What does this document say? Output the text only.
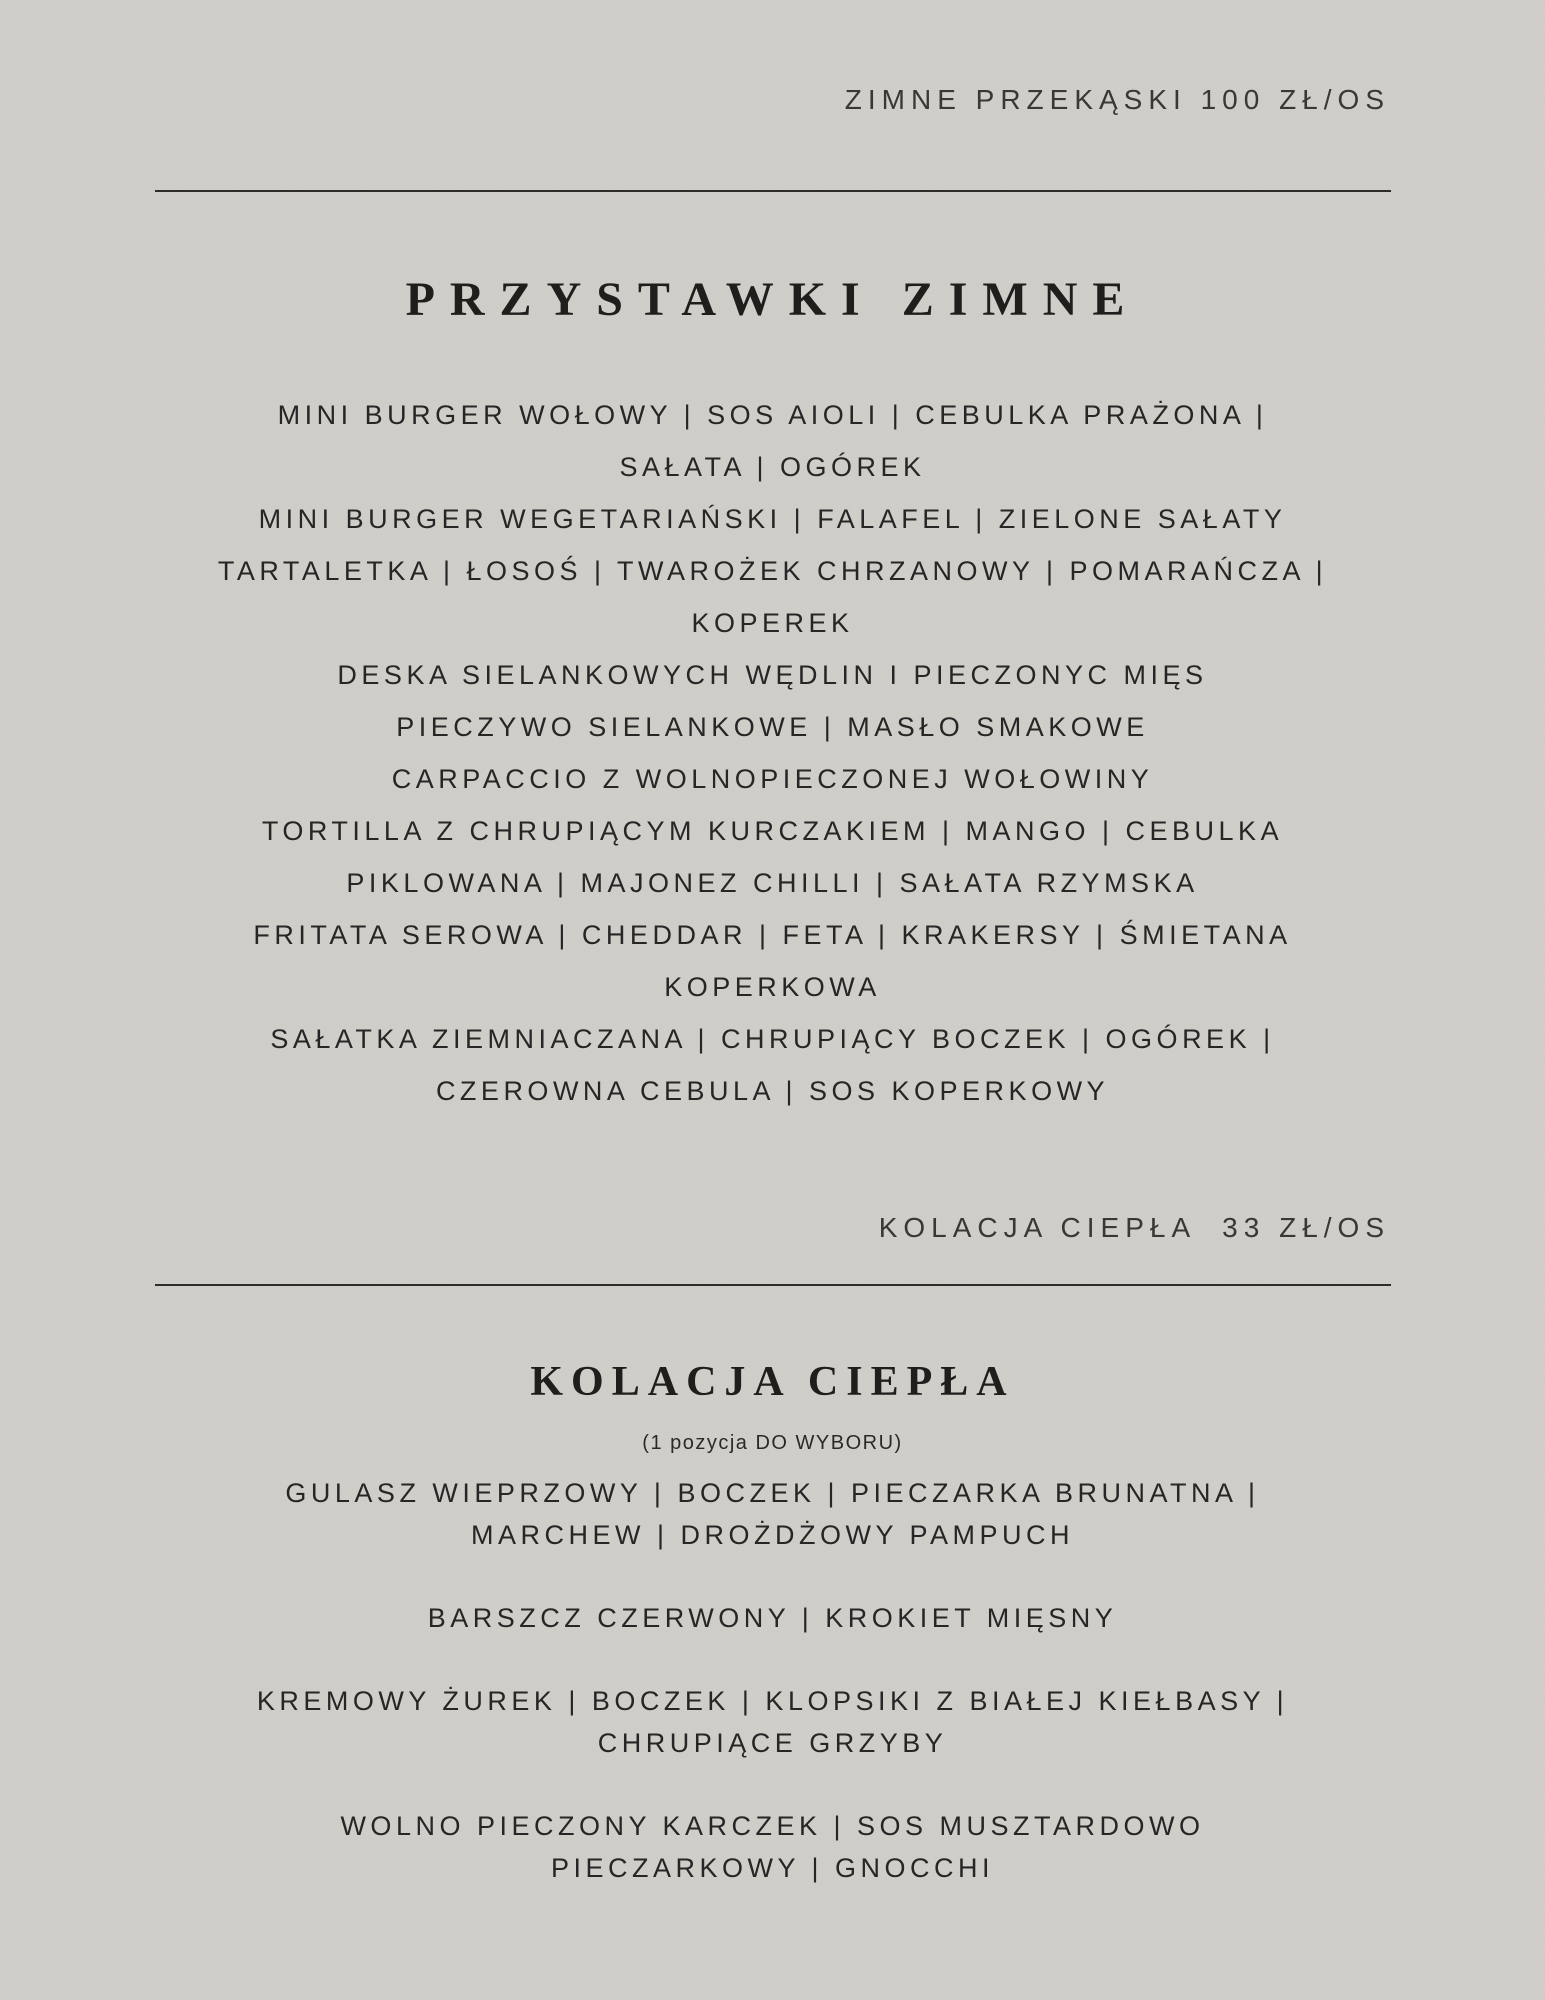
ZIMNE PRZEKĄSKI 100 ZŁ/OS
PRZYSTAWKI ZIMNE
MINI BURGER WOŁOWY | SOS AIOLI | CEBULKA PRAŻONA |
SAŁATA | OGÓREK
MINI BURGER WEGETARIAŃSKI | FALAFEL | ZIELONE SAŁATY
TARTALETKA | ŁOSOŚ | TWAROŻEK CHRZANOWY | POMARAŃCZA |
KOPEREK
DESKA SIELANKOWYCH WĘDLIN I PIECZONYC MIĘS
PIECZYWO SIELANKOWE | MASŁO SMAKOWE
CARPACCIO Z WOLNOPIECZONEJ WOŁOWINY
TORTILLA Z CHRUPIĄCYM KURCZAKIEM | MANGO | CEBULKA
PIKLOWANA | MAJONEZ CHILLI | SAŁATA RZYMSKA
FRITATA SEROWA | CHEDDAR | FETA | KRAKERSY | ŚMIETANA
KOPERKOWA
SAŁATKA ZIEMNIACZANA | CHRUPIĄCY BOCZEK | OGÓREK |
CZEROWNA CEBULA | SOS KOPERKOWY
KOLACJA CIEPŁA  33 ZŁ/OS
KOLACJA CIEPŁA
(1 pozycja DO WYBORU)
GULASZ WIEPRZOWY | BOCZEK | PIECZARKA BRUNATNA |
MARCHEW | DROŻDŻOWY PAMPUCH
BARSZCZ CZERWONY | KROKIET MIĘSNY
KREMOWY ŻUREK | BOCZEK | KLOPSIKI Z BIAŁEJ KIEŁBASY |
CHRUPIĄCE GRZYBY
WOLNO PIECZONY KARCZEK | SOS MUSZTARDOWO
PIECZARKOWY | GNOCCHI
